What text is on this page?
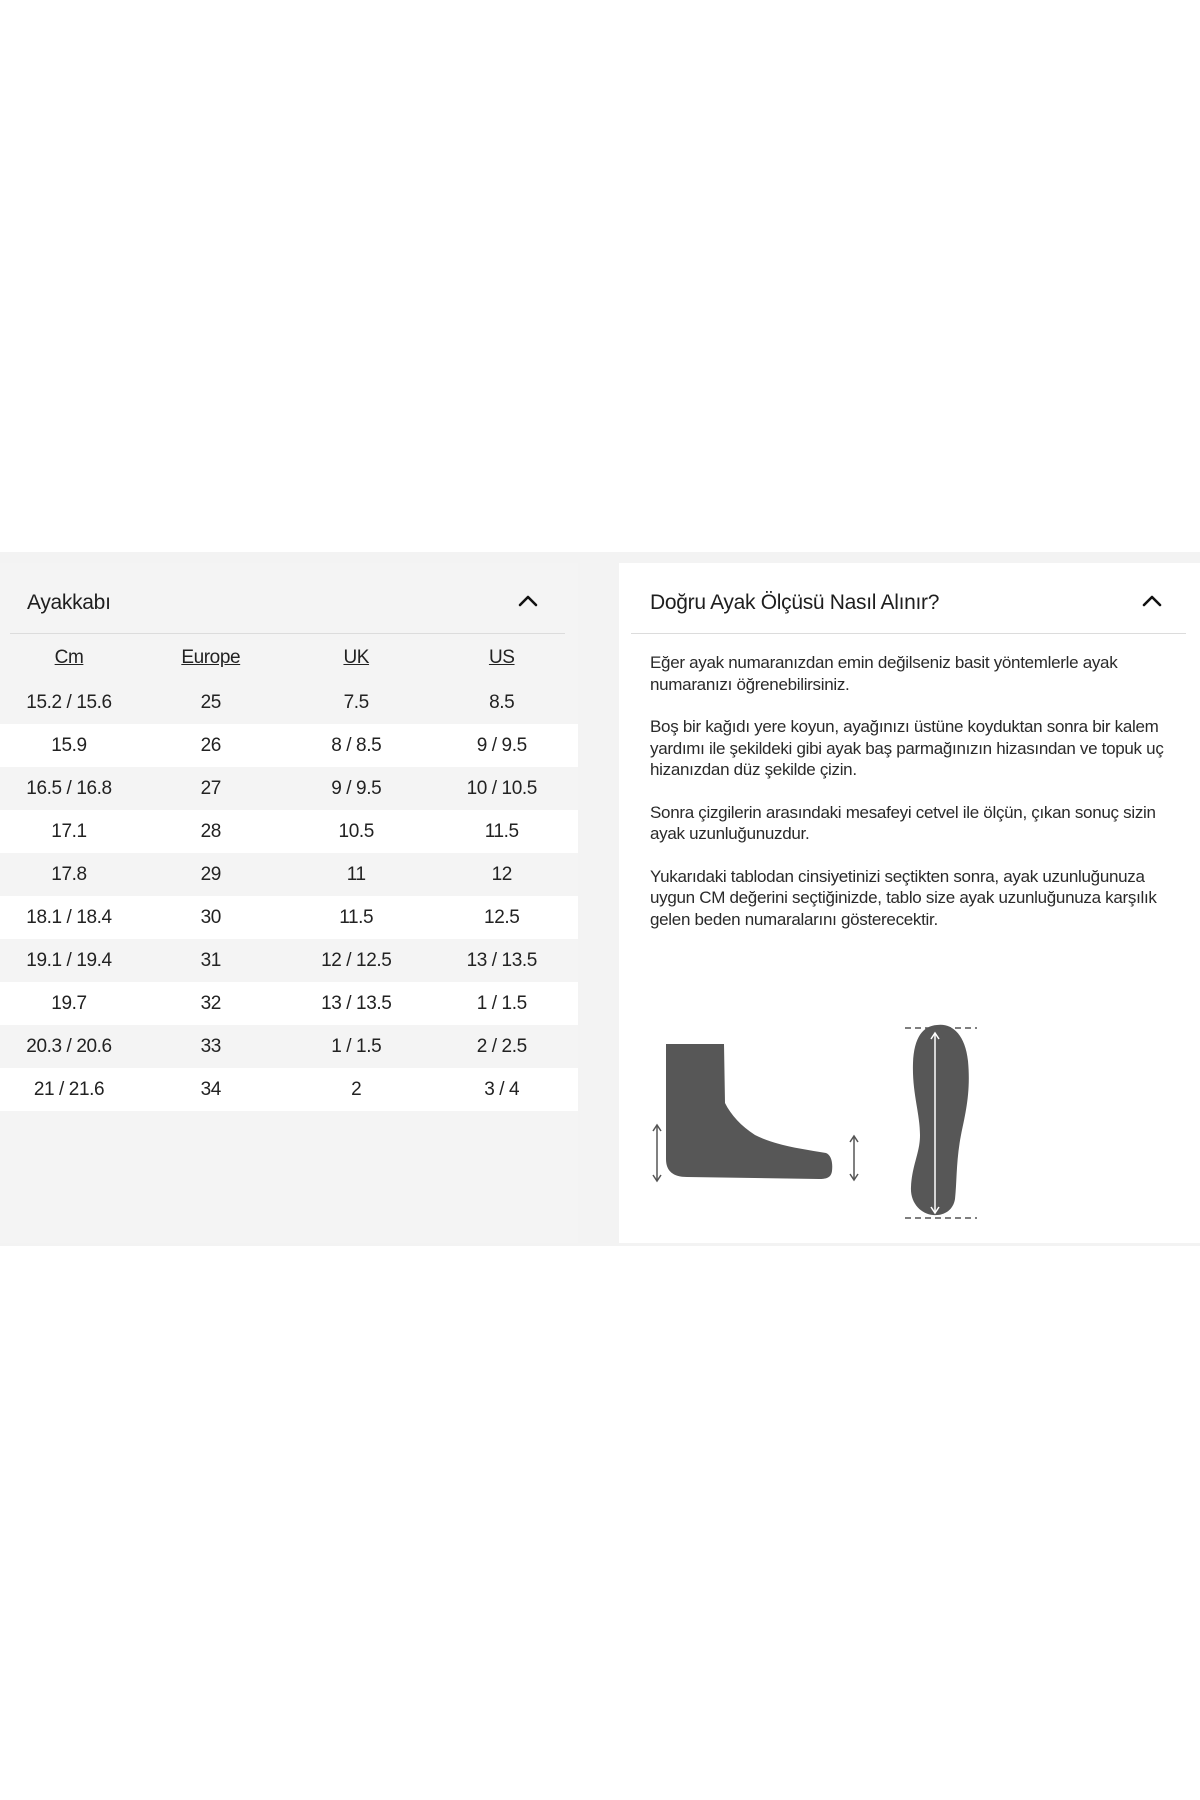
Ayakkabı
Cm	Europe	UK	US
15.2 / 15.6	25	7.5	8.5
15.9	26	8 / 8.5	9 / 9.5
16.5 / 16.8	27	9 / 9.5	10 / 10.5
17.1	28	10.5	11.5
17.8	29	11	12
18.1 / 18.4	30	11.5	12.5
19.1 / 19.4	31	12 / 12.5	13 / 13.5
19.7	32	13 / 13.5	1 / 1.5
20.3 / 20.6	33	1 / 1.5	2 / 2.5
21 / 21.6	34	2	3 / 4
Doğru Ayak Ölçüsü Nasıl Alınır?

Eğer ayak numaranızdan emin değilseniz basit yöntemlerle ayak numaranızı öğrenebilirsiniz.

Boş bir kağıdı yere koyun, ayağınızı üstüne koyduktan sonra bir kalem yardımı ile şekildeki gibi ayak baş parmağınızın hizasından ve topuk uç hizanızdan düz şekilde çizin.

Sonra çizgilerin arasındaki mesafeyi cetvel ile ölçün, çıkan sonuç sizin ayak uzunluğunuzdur.

Yukarıdaki tablodan cinsiyetinizi seçtikten sonra, ayak uzunluğunuza uygun CM değerini seçtiğinizde, tablo size ayak uzunluğunuza karşılık gelen beden numaralarını gösterecektir.
